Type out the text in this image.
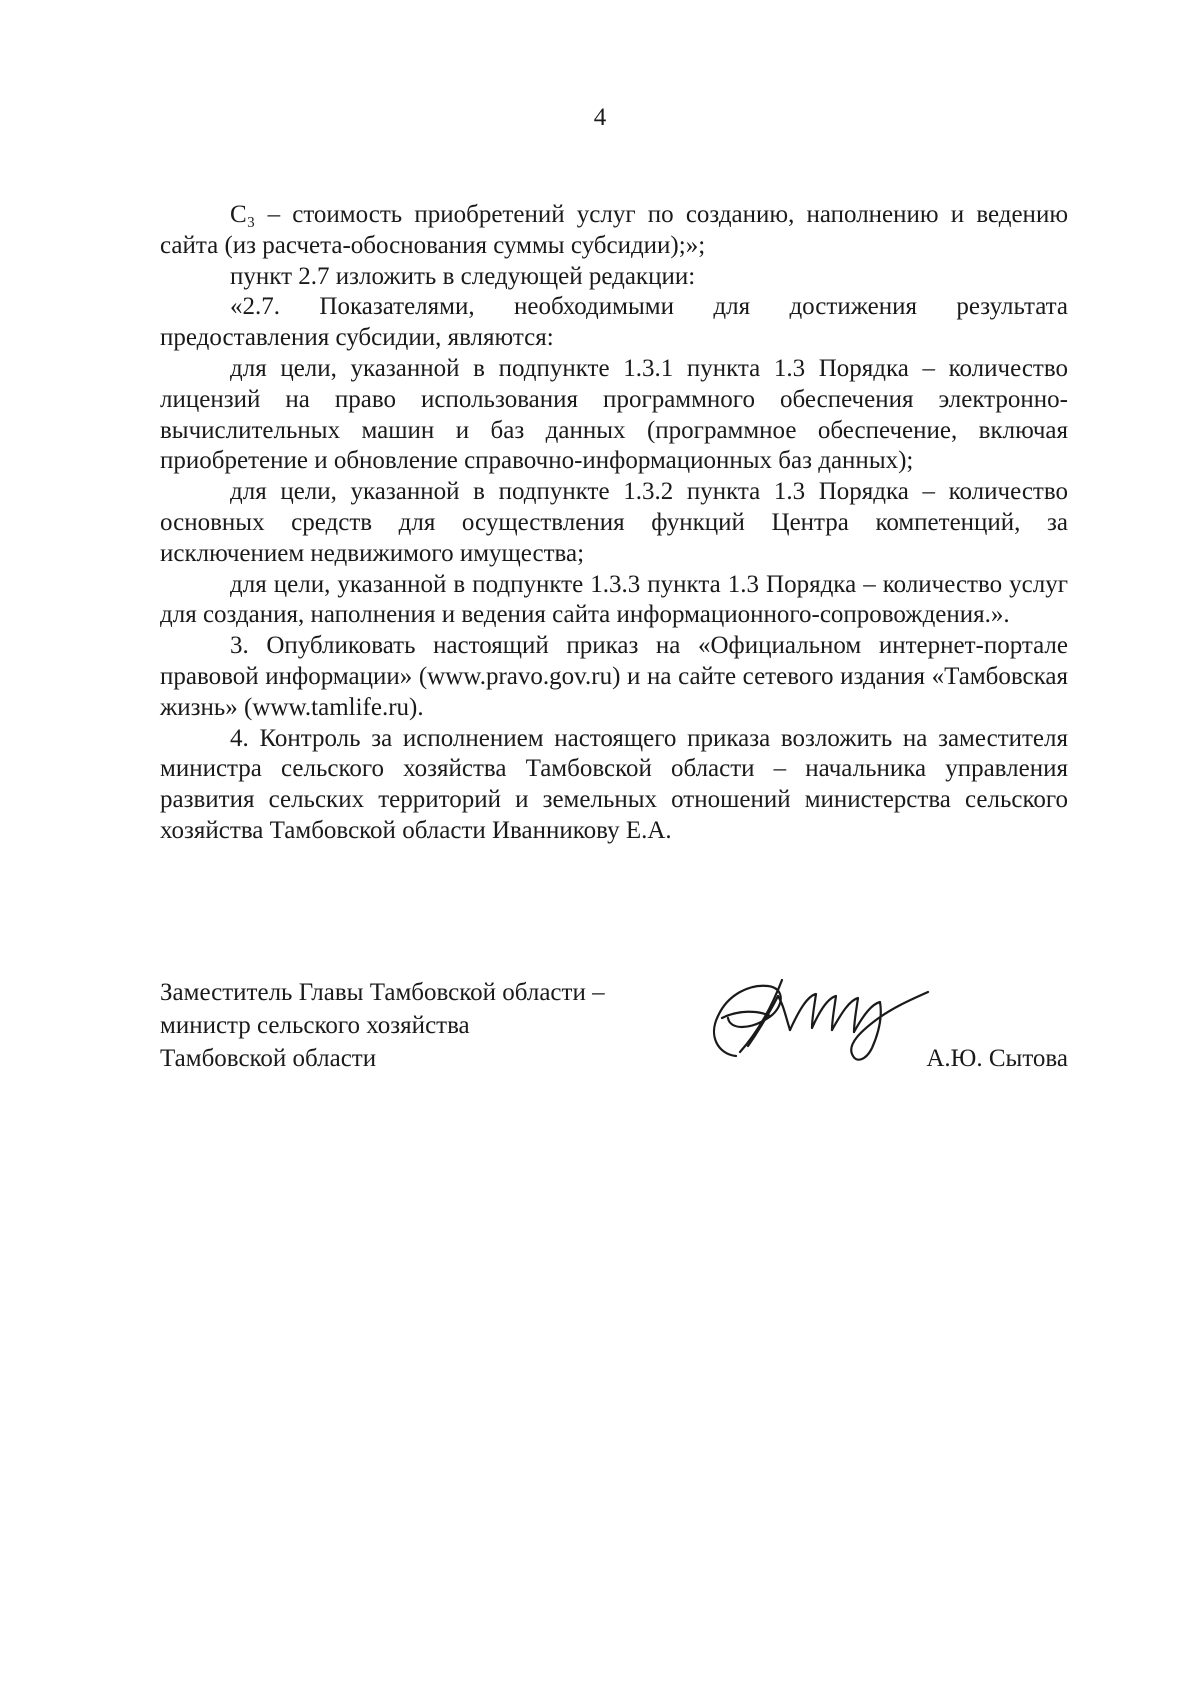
4

C₃ – стоимость приобретений услуг по созданию, наполнению и ведению сайта (из расчета-обоснования суммы субсидии);»;

пункт 2.7 изложить в следующей редакции:

«2.7. Показателями, необходимыми для достижения результата предоставления субсидии, являются:

для цели, указанной в подпункте 1.3.1 пункта 1.3 Порядка – количество лицензий на право использования программного обеспечения электронно-вычислительных машин и баз данных (программное обеспечение, включая приобретение и обновление справочно-информационных баз данных);

для цели, указанной в подпункте 1.3.2 пункта 1.3 Порядка – количество основных средств для осуществления функций Центра компетенций, за исключением недвижимого имущества;

для цели, указанной в подпункте 1.3.3 пункта 1.3 Порядка – количество услуг для создания, наполнения и ведения сайта информационного-сопровождения.».

3. Опубликовать настоящий приказ на «Официальном интернет-портале правовой информации» (www.pravo.gov.ru) и на сайте сетевого издания «Тамбовская жизнь» (www.tamlife.ru).

4. Контроль за исполнением настоящего приказа возложить на заместителя министра сельского хозяйства Тамбовской области – начальника управления развития сельских территорий и земельных отношений министерства сельского хозяйства Тамбовской области Иванникову Е.А.

Заместитель Главы Тамбовской области –
министр сельского хозяйства
Тамбовской области	А.Ю. Сытова
